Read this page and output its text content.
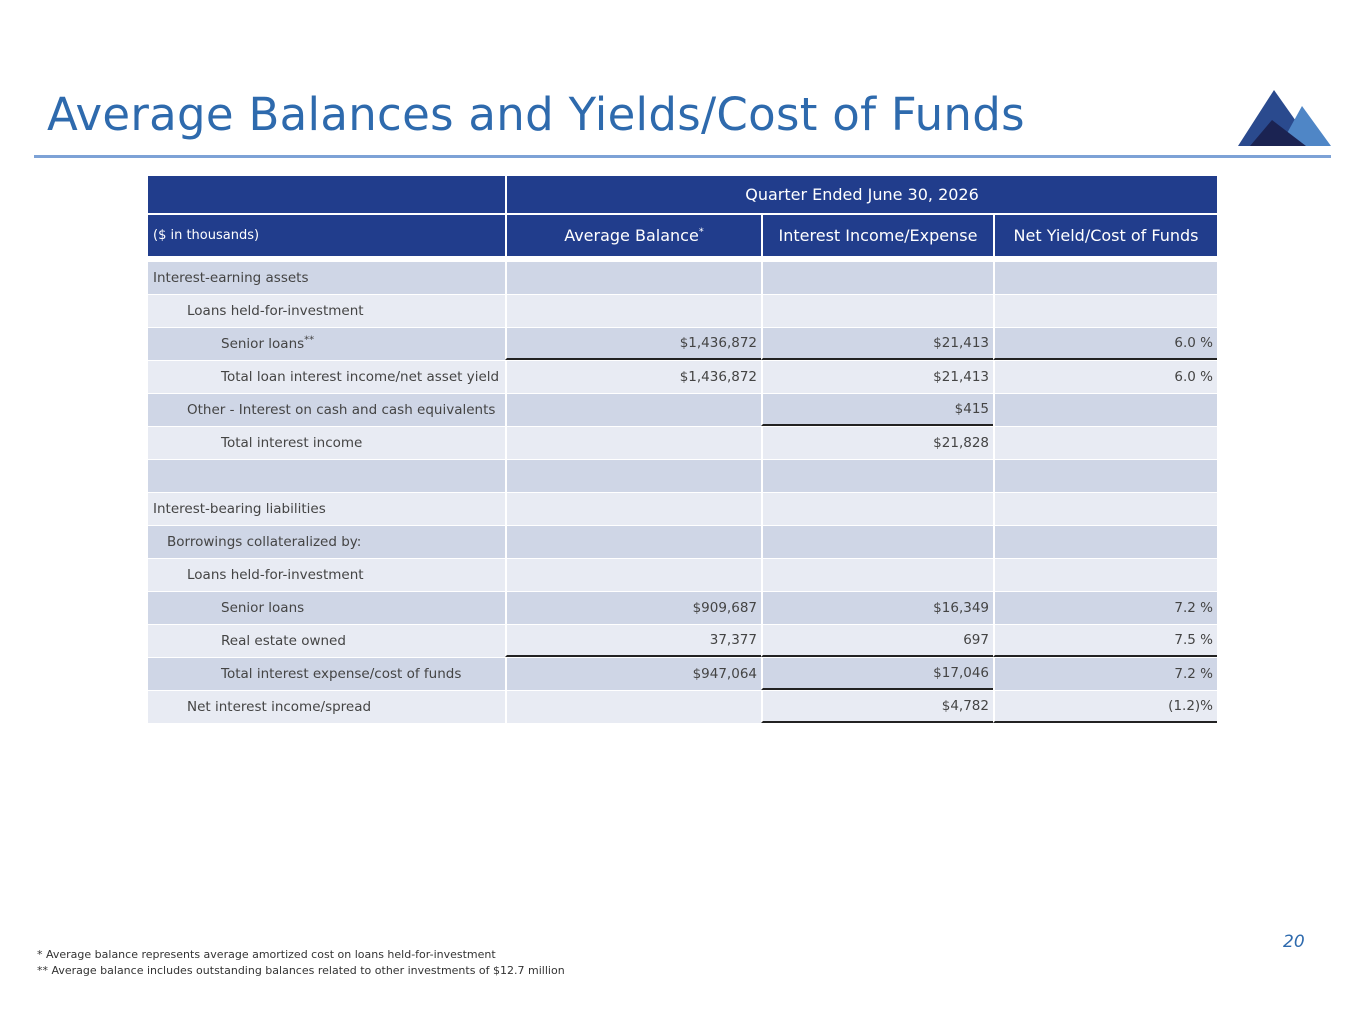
Average Balances and Yields/Cost of Funds
	Quarter Ended June 30, 2026		
($ in thousands)	Average Balance*	Interest Income/Expense	Net Yield/Cost of Funds

Interest-earning assets			
Loans held-for-investment			
Senior loans**	$1,436,872	$21,413	6.0 %
Total loan interest income/net asset yield	$1,436,872	$21,413	6.0 %
Other - Interest on cash and cash equivalents		$415	
Total interest income		$21,828	

Interest-bearing liabilities			
Borrowings collateralized by:			
Loans held-for-investment			
Senior loans	$909,687	$16,349	7.2 %
Real estate owned	37,377	697	7.5 %
Total interest expense/cost of funds	$947,064	$17,046	7.2 %
Net interest income/spread		$4,782	(1.2)%
20
* Average balance represents average amortized cost on loans held-for-investment
** Average balance includes outstanding balances related to other investments of $12.7 million
